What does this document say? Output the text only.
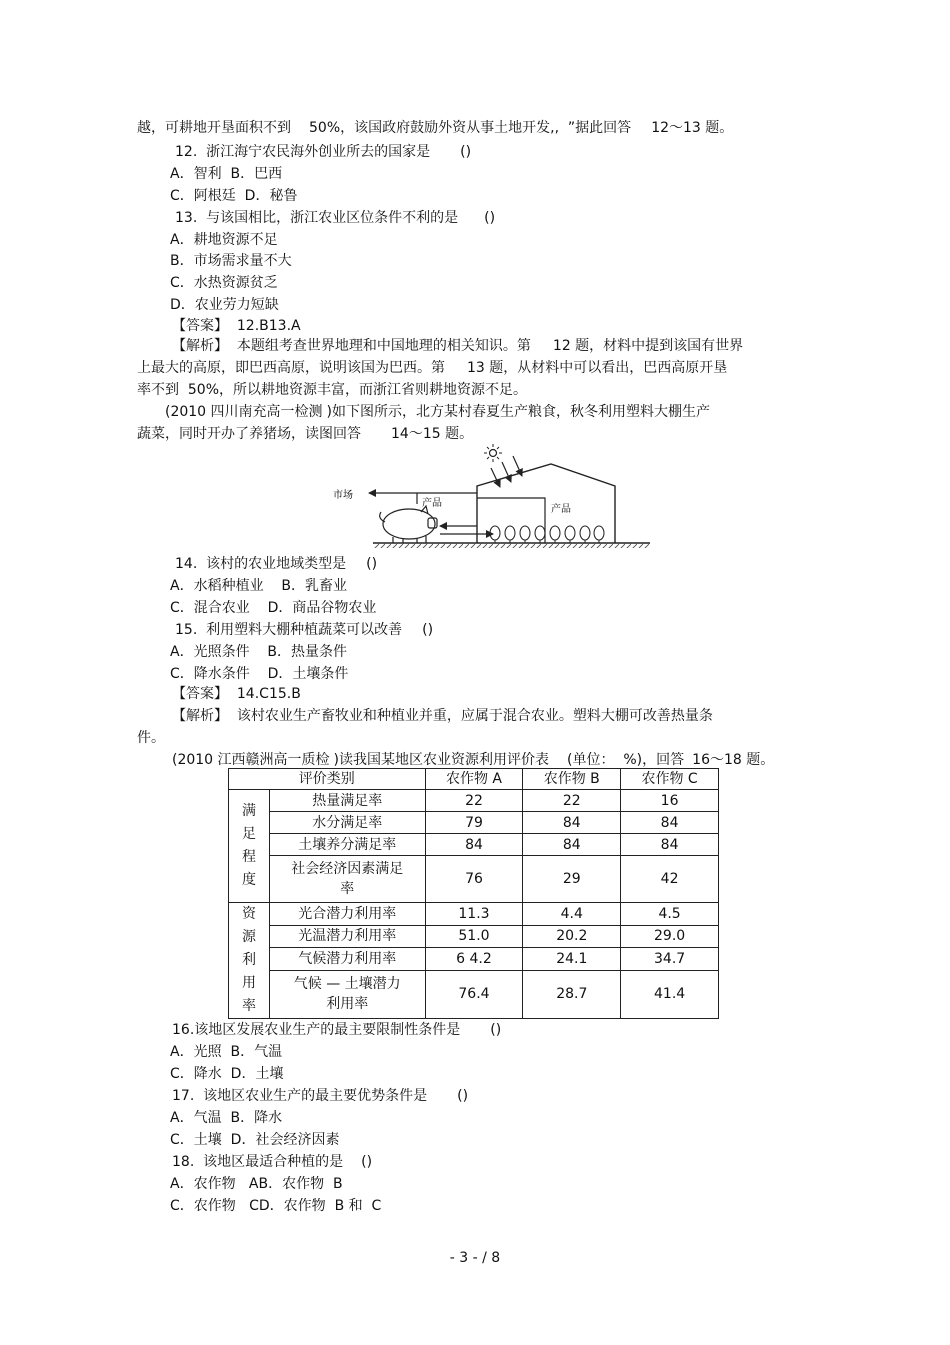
越，可耕地开垦面积不到 50%，该国政府鼓励外资从事土地开发,,  ”据此回答 12～13 题。
12.  浙江海宁农民海外创业所去的国家是 ()
A．智利  B．巴西
C．阿根廷  D．秘鲁
13.  与该国相比，浙江农业区位条件不利的是 ()
A．耕地资源不足
B．市场需求量不大
C．水热资源贫乏
D．农业劳力短缺
【答案】  12.B13.A
【解析】  本题组考查世界地理和中国地理的相关知识。第 12 题，材料中提到该国有世界
上最大的高原，即巴西高原，说明该国为巴西。第 13 题，从材料中可以看出，巴西高原开垦
率不到  50%，所以耕地资源丰富，而浙江省则耕地资源不足。
(2010 四川南充高一检测 )如下图所示，北方某村春夏生产粮食，秋冬利用塑料大棚生产
蔬菜，同时开办了养猪场，读图回答 14～15 题。
14.  该村的农业地域类型是 ()
A．水稻种植业    B．乳畜业
C．混合农业    D．商品谷物农业
15.  利用塑料大棚种植蔬菜可以改善 ()
A．光照条件    B．热量条件
C．降水条件    D．土壤条件
【答案】  14.C15.B
【解析】  该村农业生产畜牧业和种植业并重，应属于混合农业。塑料大棚可改善热量条
件。
(2010 江西赣洲高一质检 )读我国某地区农业资源利用评价表 (单位：  %)，回答 16～18 题。
16.该地区发展农业生产的最主要限制性条件是 ()
A．光照  B．气温
C．降水  D．土壤
17.  该地区农业生产的最主要优势条件是 ()
A．气温  B．降水
C．土壤  D．社会经济因素
18.  该地区最适合种植的是 ()
A．农作物   AB．农作物  B
C．农作物   CD．农作物  B 和  C
市场
产品
产品
评价类别		农作物 A	农作物 B	农作物 C

满
足
程
度	热量满足率	22	22	16
	水分满足率	79	84	84
	土壤养分满足率	84	84	84
	社会经济因素满足率	76	29	42

资
源
利
用
率	光合潜力利用率	11.3	4.4	4.5
	光温潜力利用率	51.0	20.2	29.0
	气候潜力利用率	6 4.2	24.1	34.7
	气候 — 土壤潜力利用率	76.4	28.7	41.4
- 3 - / 8
